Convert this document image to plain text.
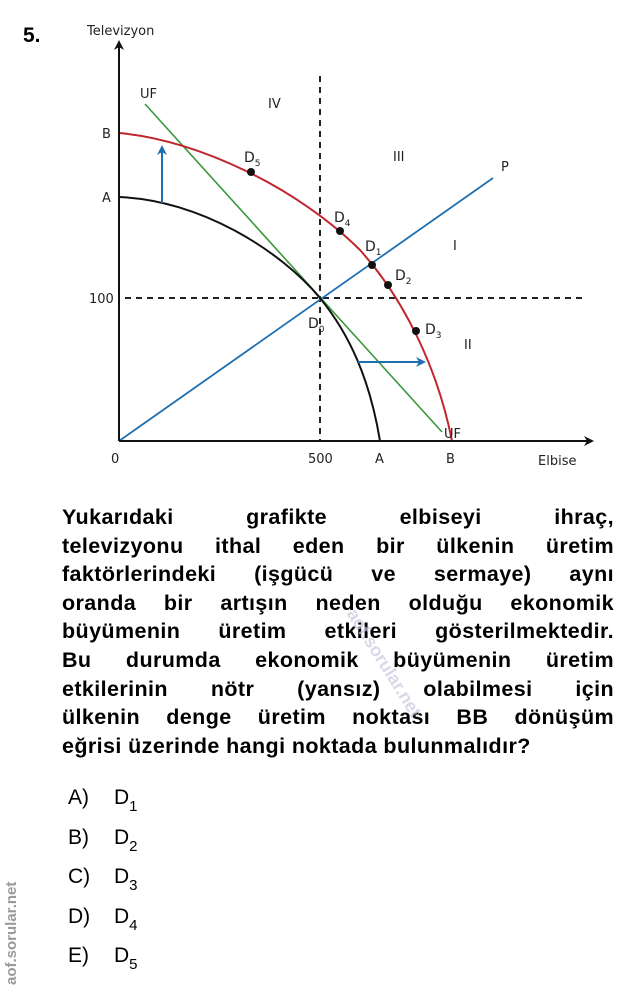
5.	Televizyon
Elbise
B
A
100
0	500	A	B
UF
UF
P
IV
III
I
II
$D_5$
$D_4$
$D_1$
$D_2$
$D_3$
$D_0$
Yukarıdaki grafikte elbiseyi ihraç,
televizyonu ithal eden bir ülkenin üretim
faktörlerindeki (işgücü ve sermaye) aynı
oranda bir artışın neden olduğu ekonomik
büyümenin üretim etkileri gösterilmektedir.
Bu durumda ekonomik büyümenin üretim
etkilerinin nötr (yansız) olabilmesi için
ülkenin denge üretim noktası BB dönüşüm
eğrisi üzerinde hangi noktada bulunmalıdır?
aof.sorular.net
A)	$D_1$
B)	$D_2$
C)	$D_3$
D)	$D_4$
E)	$D_5$
aof.sorular.net
